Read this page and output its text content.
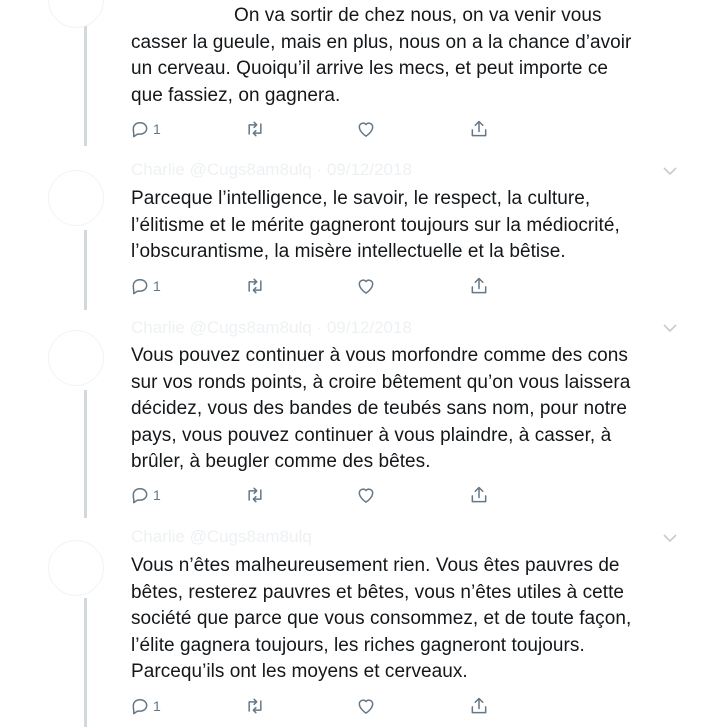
On va sortir de chez nous, on va venir vous
casser la gueule, mais en plus, nous on a la chance d’avoir
un cerveau. Quoiqu’il arrive les mecs, et peut importe ce
que fassiez, on gagnera.
1
Charlie @Cugs8am8ulq · 09/12/2018
Charlie @Cugs8am8ulq · 09/12/2018
Charlie @Cugs8am8ulq
Parceque l’intelligence, le savoir, le respect, la culture,
l’élitisme et le mérite gagneront toujours sur la médiocrité,
l’obscurantisme, la misère intellectuelle et la bêtise.
1
Vous pouvez continuer à vous morfondre comme des cons
sur vos ronds points, à croire bêtement qu’on vous laissera
décidez, vous des bandes de teubés sans nom, pour notre
pays, vous pouvez continuer à vous plaindre, à casser, à
brûler, à beugler comme des bêtes.
1
Vous n’êtes malheureusement rien. Vous êtes pauvres de
bêtes, resterez pauvres et bêtes, vous n’êtes utiles à cette
société que parce que vous consommez, et de toute façon,
l’élite gagnera toujours, les riches gagneront toujours.
Parcequ’ils ont les moyens et cerveaux.
1
